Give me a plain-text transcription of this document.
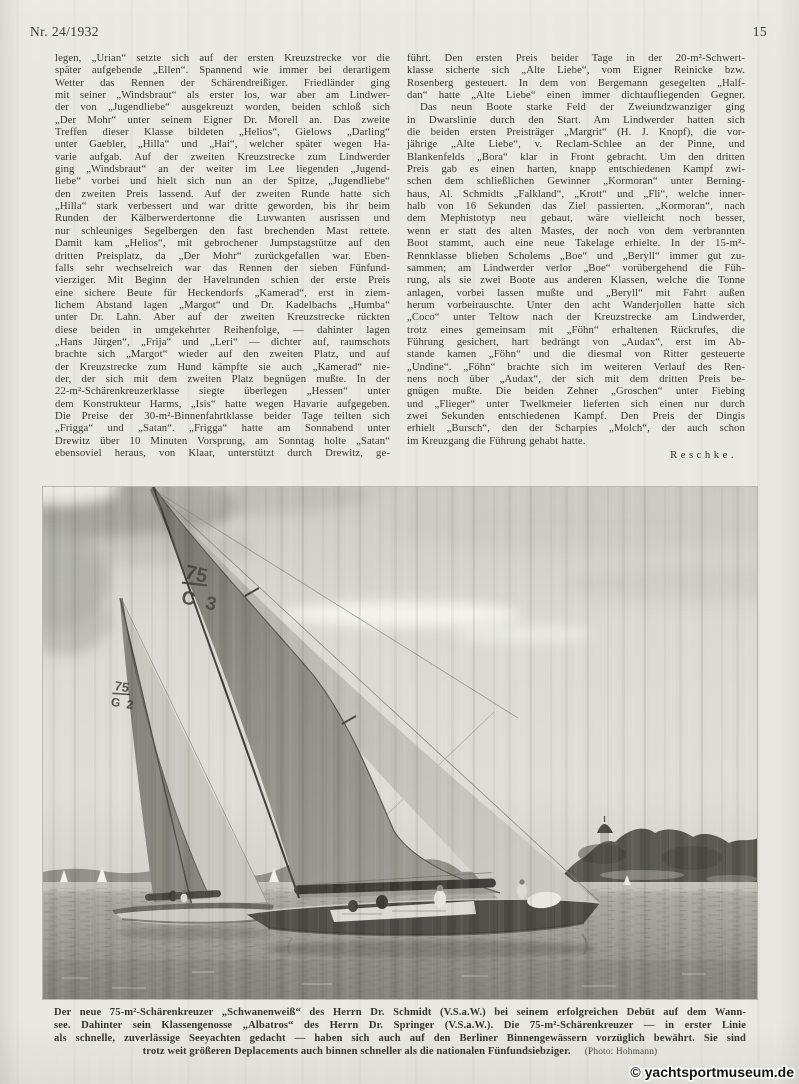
Nr. 24/1932	15
legen, „Urian“ setzte sich auf der ersten Kreuzstrecke vor die
später aufgebende „Ellen“. Spannend wie immer bei derartigem
Wetter das Rennen der Schärendreißiger. Friedländer ging
mit seiner „Windsbraut“ als erster los, war aber am Lindwer-
der von „Jugendliebe“ ausgekreuzt worden, beiden schloß sich
„Der Mohr“ unter seinem Eigner Dr. Morell an. Das zweite
Treffen dieser Klasse bildeten „Helios“, Gielows „Darling“
unter Gaebler, „Hilla“ und „Hai“, welcher später wegen Ha-
varie aufgab. Auf der zweiten Kreuzstrecke zum Lindwerder
ging „Windsbraut“ an der weiter im Lee liegenden „Jugend-
liebe“ vorbei und hielt sich nun an der Spitze, „Jugendliebe“
den zweiten Preis lassend. Auf der zweiten Runde hatte sich
„Hilla“ stark verbessert und war dritte geworden, bis ihr beim
Runden der Kälberwerdertonne die Luvwanten ausrissen und
nur schleuniges Segelbergen den fast brechenden Mast rettete.
Damit kam „Helios“, mit gebrochener Jumpstagstütze auf den
dritten Preisplatz, da „Der Mohr“ zurückgefallen war. Eben-
falls sehr wechselreich war das Rennen der sieben Fünfund-
vierziger. Mit Beginn der Havelrunden schien der erste Preis
eine sichere Beute für Heckendorfs „Kamerad“, erst in ziem-
lichem Abstand lagen „Margot“ und Dr. Kadelbachs „Humba“
unter Dr. Lahn. Aber auf der zweiten Kreuzstrecke rückten
diese beiden in umgekehrter Reihenfolge, — dahinter lagen
„Hans Jürgen“, „Frija“ und „Leri“ — dichter auf, raumschots
brachte sich „Margot“ wieder auf den zweiten Platz, und auf
der Kreuzstrecke zum Hund kämpfte sie auch „Kamerad“ nie-
der, der sich mit dem zweiten Platz begnügen mußte. In der
22-m²-Schärenkreuzerklasse siegte überlegen „Hessen“ unter
dem Konstrukteur Harms, „Isis“ hatte wegen Havarie aufgegeben.
Die Preise der 30-m²-Binnenfahrtklasse beider Tage teilten sich
„Frigga“ und „Satan“. „Frigga“ hatte am Sonnabend unter
Drewitz über 10 Minuten Vorsprung, am Sonntag holte „Satan“
ebensoviel heraus, von Klaar, unterstützt durch Drewitz, ge-
führt. Den ersten Preis beider Tage in der 20-m²-Schwert-
klasse sicherte sich „Alte Liebe“, vom Eigner Reinicke bzw.
Rosenberg gesteuert. In dem von Bergemann gesegelten „Half-
dan“ hatte „Alte Liebe“ einen immer dichtaufliegenden Gegner.
Das neun Boote starke Feld der Zweiundzwanziger ging
in Dwarslinie durch den Start. Am Lindwerder hatten sich
die beiden ersten Preisträger „Margrit“ (H. J. Knopf), die vor-
jährige „Alte Liebe“, v. Reclam-Schlee an der Pinne, und
Blankenfelds „Bora“ klar in Front gebracht. Um den dritten
Preis gab es einen harten, knapp entschiedenen Kampf zwi-
schen dem schließlichen Gewinner „Kormoran“ unter Berning-
haus, Al. Schmidts „Falkland“, „Krott“ und „Fli“, welche inner-
halb von 16 Sekunden das Ziel passierten. „Kormoran“, nach
dem Mephistotyp neu gebaut, wäre vielleicht noch besser,
wenn er statt des alten Mastes, der noch von dem verbrannten
Boot stammt, auch eine neue Takelage erhielte. In der 15-m²-
Rennklasse blieben Scholems „Boe“ und „Beryll“ immer gut zu-
sammen; am Lindwerder verlor „Boe“ vorübergehend die Füh-
rung, als sie zwei Boote aus anderen Klassen, welche die Tonne
anlagen, vorbei lassen mußte und „Beryll“ mit Fahrt außen
herum vorbeirauschte. Unter den acht Wanderjollen hatte sich
„Coco“ unter Teltow nach der Kreuzstrecke am Lindwerder,
trotz eines gemeinsam mit „Föhn“ erhaltenen Rückrufes, die
Führung gesichert, hart bedrängt von „Audax“, erst im Ab-
stande kamen „Föhn“ und die diesmal von Ritter gesteuerte
„Undine“. „Föhn“ brachte sich im weiteren Verlauf des Ren-
nens noch über „Audax“, der sich mit dem dritten Preis be-
gnügen mußte. Die beiden Zehner „Groschen“ unter Fiebing
und „Flieger“ unter Twelkmeier lieferten sich einen nur durch
zwei Sekunden entschiedenen Kampf. Den Preis der Dingis
erhielt „Bursch“, den der Scharpies „Molch“, der auch schon
im Kreuzgang die Führung gehabt hatte.
Reschke.
Der neue 75-m²-Schärenkreuzer „Schwanenweiß“ des Herrn Dr. Schmidt (V.S.a.W.) bei seinem erfolgreichen Debüt auf dem Wann-
see. Dahinter sein Klassengenosse „Albatros“ des Herrn Dr. Springer (V.S.a.W.). Die 75-m²-Schärenkreuzer — in erster Linie
als schnelle, zuverlässige Seeyachten gedacht — haben sich auch auf den Berliner Binnengewässern vorzüglich bewährt. Sie sind
trotz weit größeren Deplacements auch binnen schneller als die nationalen Fünfundsiebziger. (Photo: Hohmann)
© yachtsportmuseum.de
